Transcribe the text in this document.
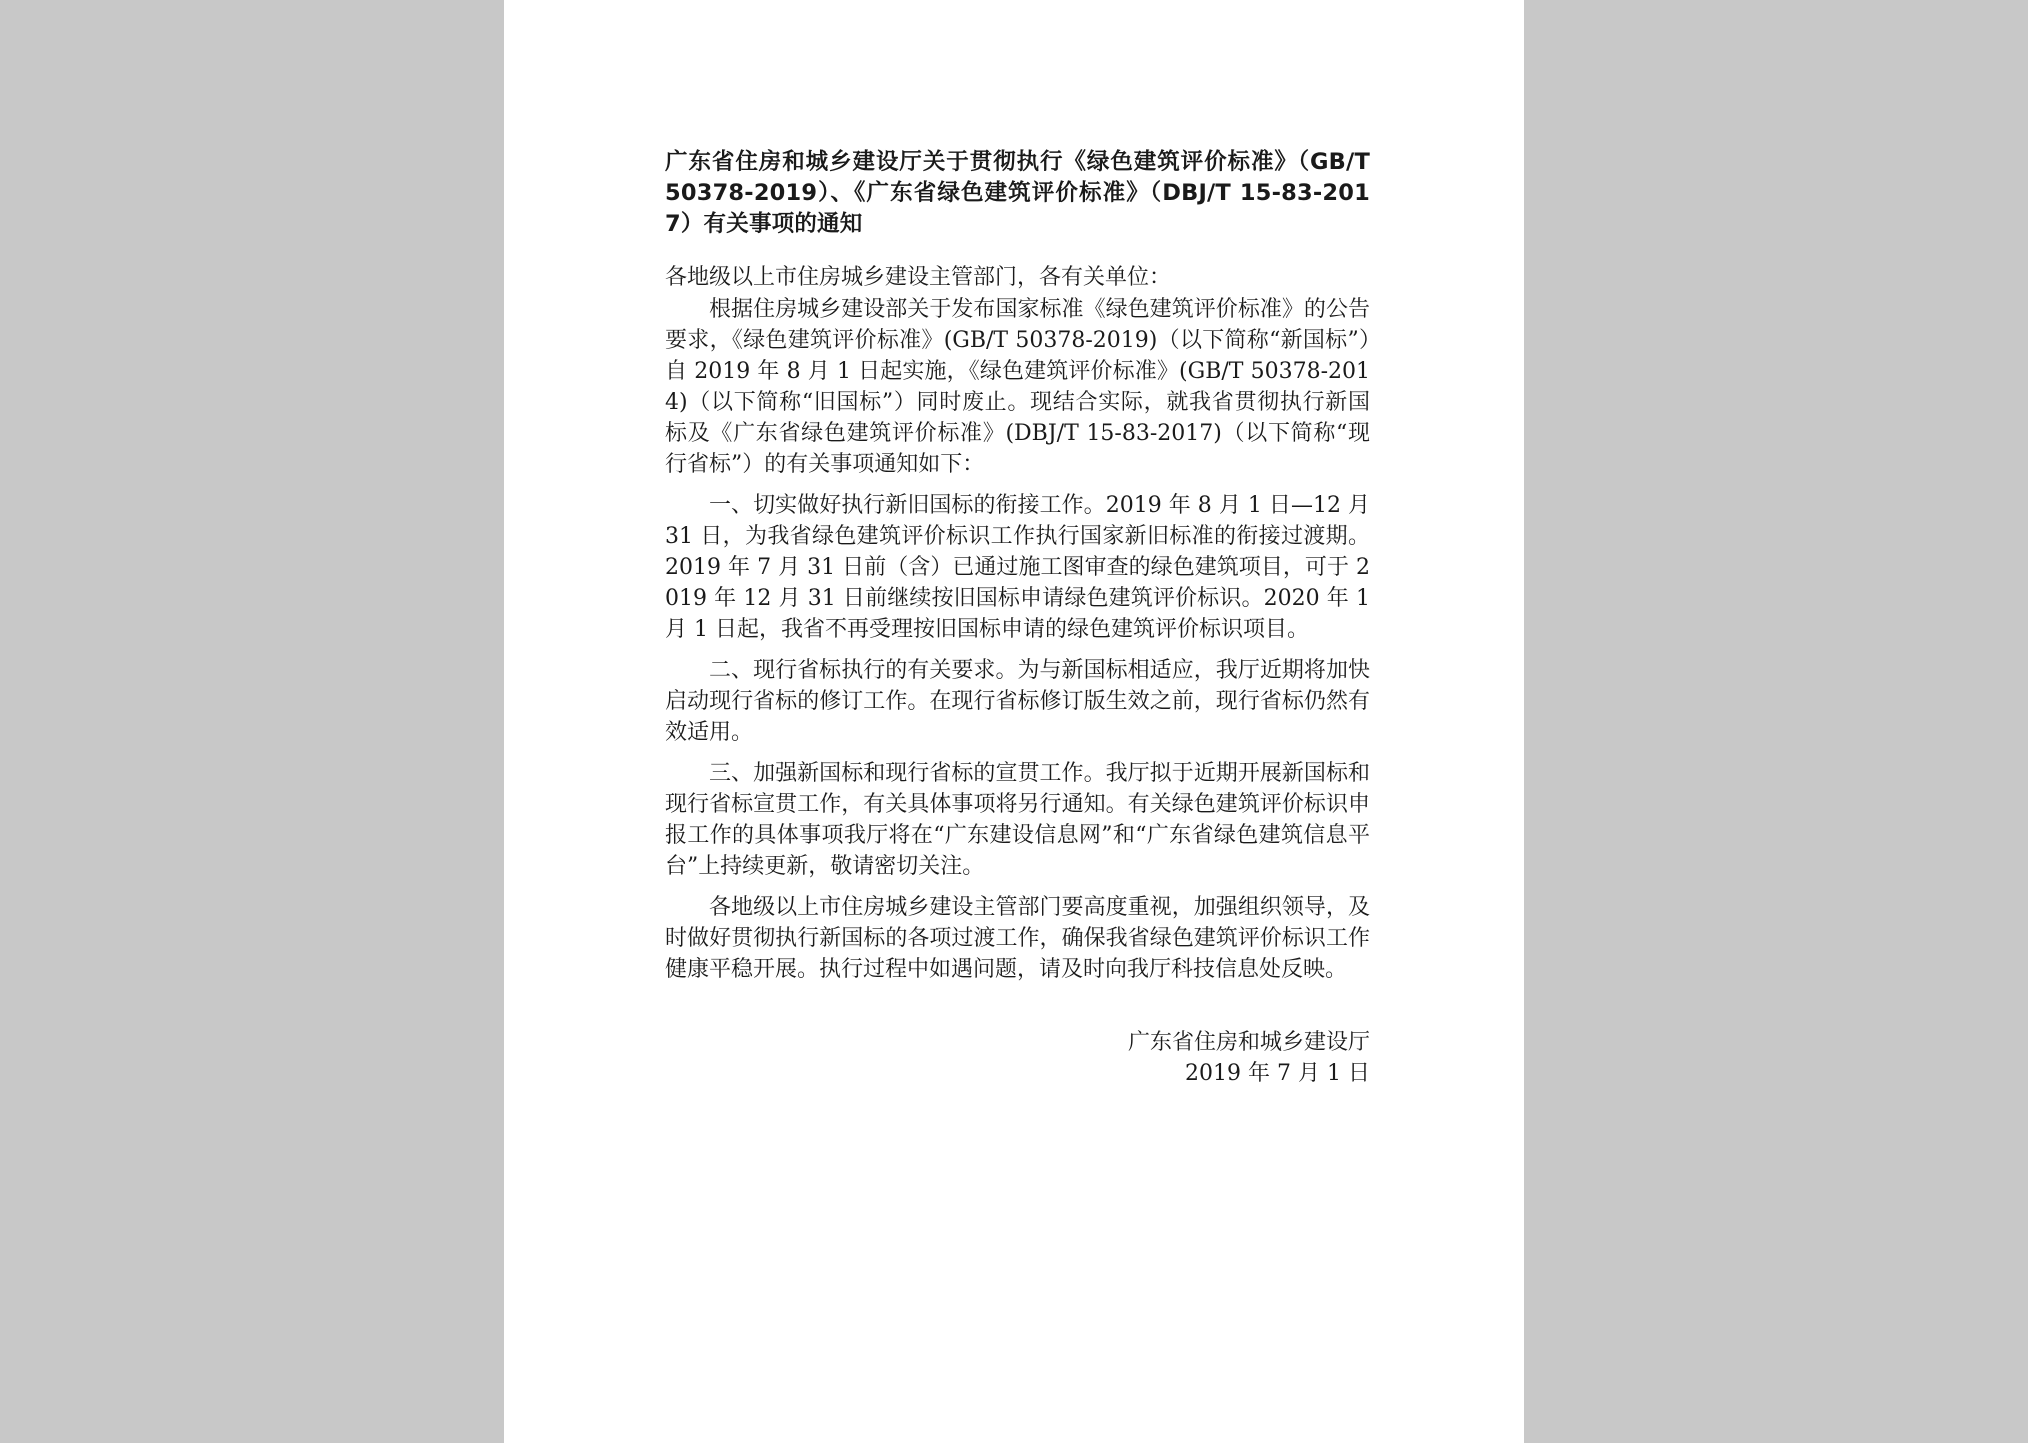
广东省住房和城乡建设厅关于贯彻执行《绿色建筑评价标准》（GB/T 50378-2019）、《广东省绿色建筑评价标准》（DBJ/T 15-83-2017）有关事项的通知

各地级以上市住房城乡建设主管部门，各有关单位：

根据住房城乡建设部关于发布国家标准《绿色建筑评价标准》的公告要求，《绿色建筑评价标准》(GB/T 50378-2019)（以下简称“新国标”）自 2019 年 8 月 1 日起实施，《绿色建筑评价标准》(GB/T 50378-2014)（以下简称“旧国标”）同时废止。现结合实际，就我省贯彻执行新国标及《广东省绿色建筑评价标准》(DBJ/T 15-83-2017)（以下简称“现行省标”）的有关事项通知如下：

一、切实做好执行新旧国标的衔接工作。2019 年 8 月 1 日—12 月 31 日，为我省绿色建筑评价标识工作执行国家新旧标准的衔接过渡期。2019 年 7 月 31 日前（含）已通过施工图审查的绿色建筑项目，可于 2019 年 12 月 31 日前继续按旧国标申请绿色建筑评价标识。2020 年 1 月 1 日起，我省不再受理按旧国标申请的绿色建筑评价标识项目。

二、现行省标执行的有关要求。为与新国标相适应，我厅近期将加快启动现行省标的修订工作。在现行省标修订版生效之前，现行省标仍然有效适用。

三、加强新国标和现行省标的宣贯工作。我厅拟于近期开展新国标和现行省标宣贯工作，有关具体事项将另行通知。有关绿色建筑评价标识申报工作的具体事项我厅将在“广东建设信息网”和“广东省绿色建筑信息平台”上持续更新，敬请密切关注。

各地级以上市住房城乡建设主管部门要高度重视，加强组织领导，及时做好贯彻执行新国标的各项过渡工作，确保我省绿色建筑评价标识工作健康平稳开展。执行过程中如遇问题，请及时向我厅科技信息处反映。

广东省住房和城乡建设厅
2019 年 7 月 1 日
